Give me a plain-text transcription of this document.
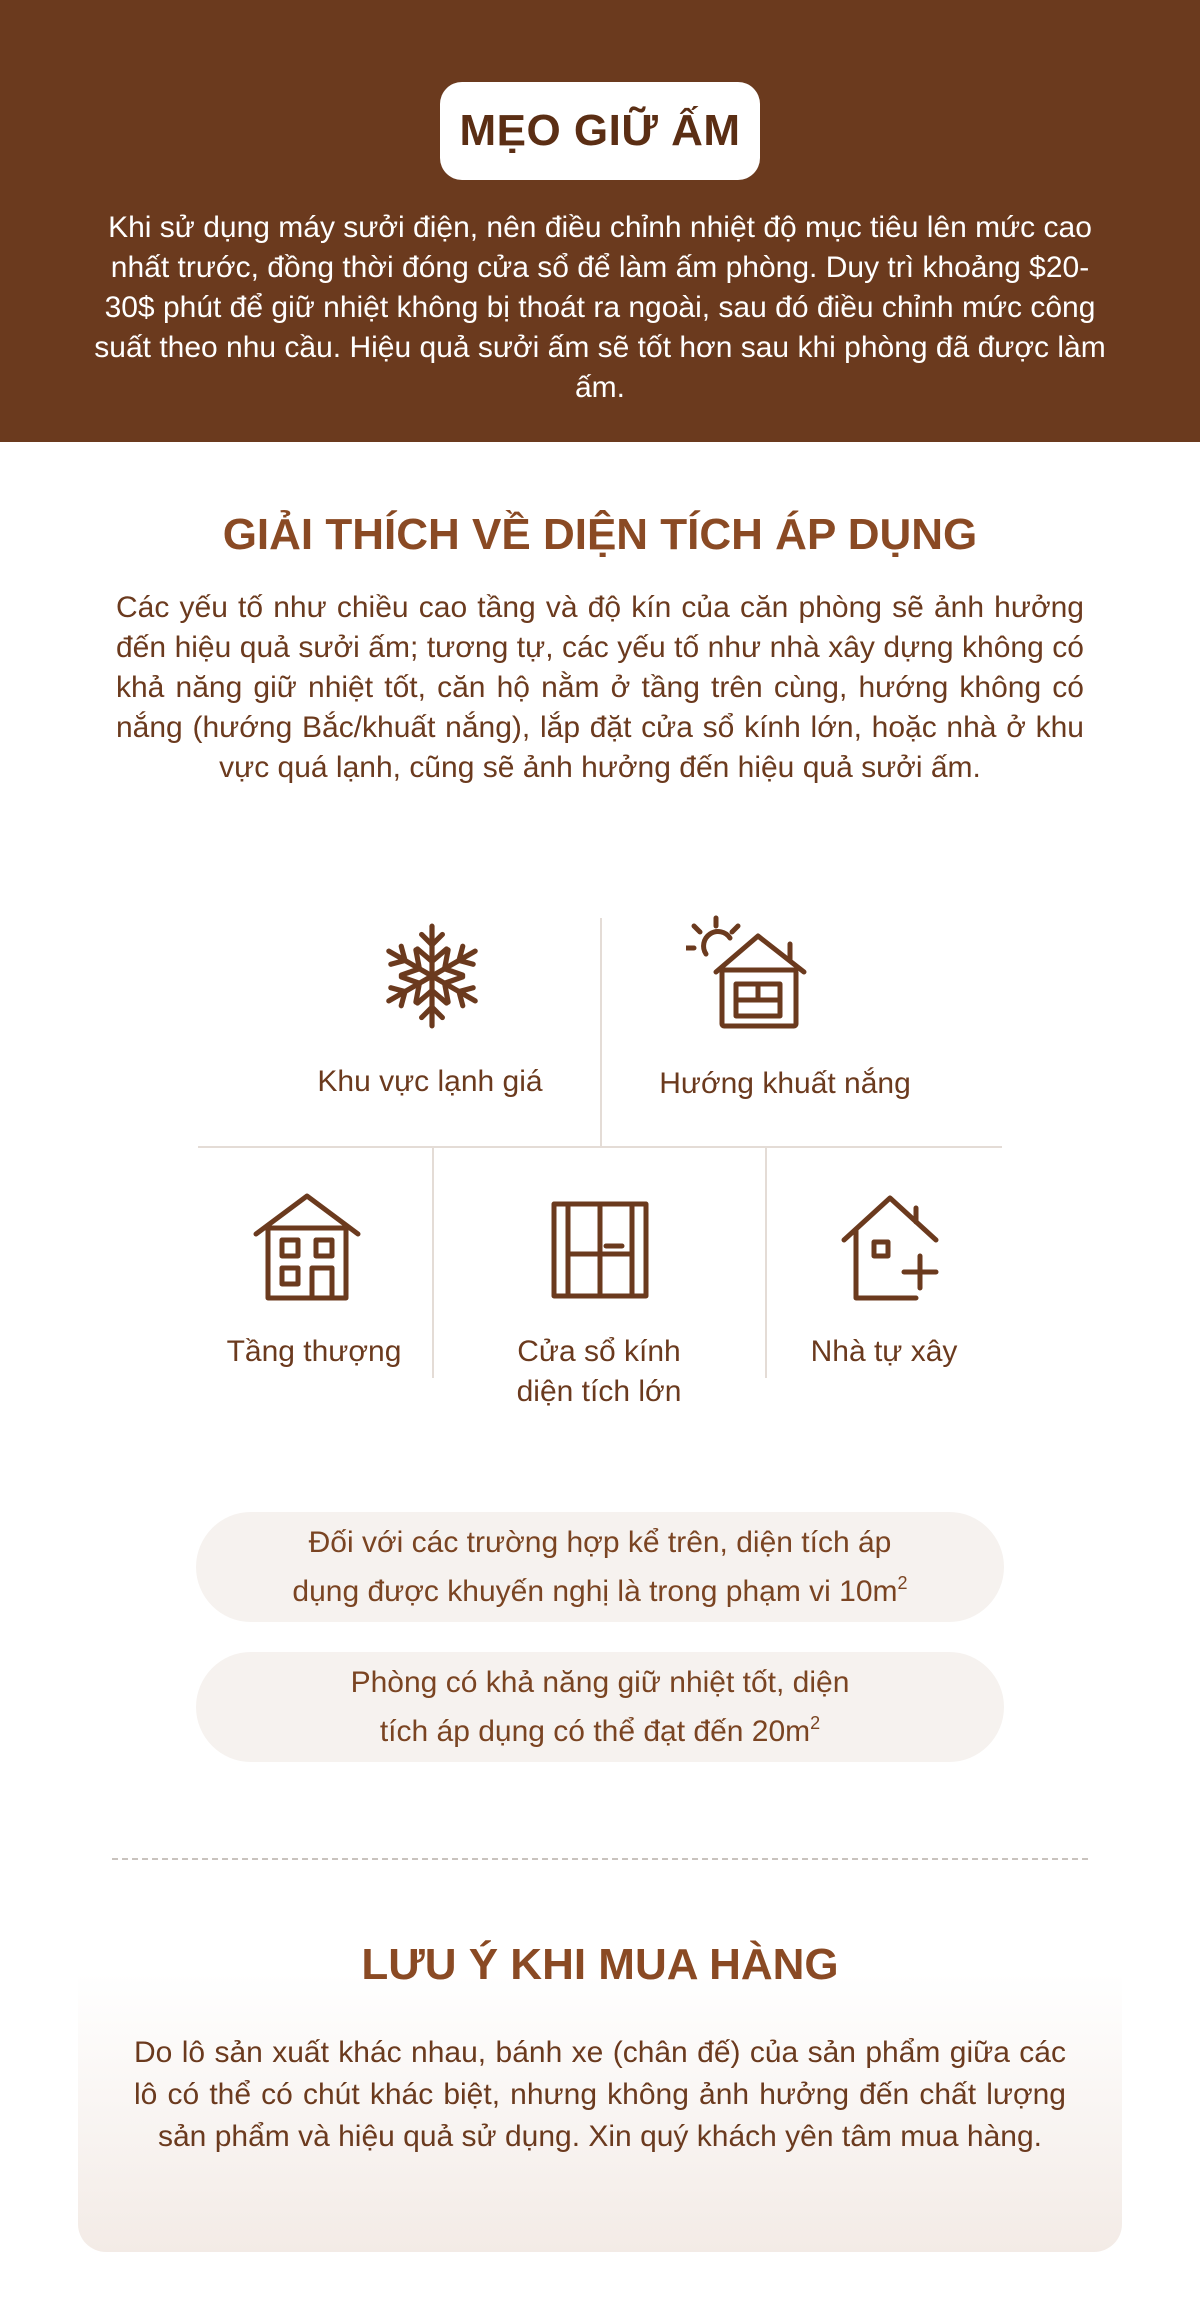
MẸO GIỮ ẤM

Khi sử dụng máy sưởi điện, nên điều chỉnh nhiệt độ mục tiêu lên mức cao nhất trước, đồng thời đóng cửa sổ để làm ấm phòng. Duy trì khoảng $20-30$ phút để giữ nhiệt không bị thoát ra ngoài, sau đó điều chỉnh mức công suất theo nhu cầu. Hiệu quả sưởi ấm sẽ tốt hơn sau khi phòng đã được làm ấm.

GIẢI THÍCH VỀ DIỆN TÍCH ÁP DỤNG

Các yếu tố như chiều cao tầng và độ kín của căn phòng sẽ ảnh hưởng đến hiệu quả sưởi ấm; tương tự, các yếu tố như nhà xây dựng không có khả năng giữ nhiệt tốt, căn hộ nằm ở tầng trên cùng, hướng không có nắng (hướng Bắc/khuất nắng), lắp đặt cửa sổ kính lớn, hoặc nhà ở khu vực quá lạnh, cũng sẽ ảnh hưởng đến hiệu quả sưởi ấm.

Khu vực lạnh giá	Hướng khuất nắng
Tầng thượng	Cửa sổ kính
diện tích lớn
Nhà tự xây
Đối với các trường hợp kể trên, diện tích áp
dụng được khuyến nghị là trong phạm vi $10m^2$
Phòng có khả năng giữ nhiệt tốt, diện
tích áp dụng có thể đạt đến $20m^2$
LƯU Ý KHI MUA HÀNG

Do lô sản xuất khác nhau, bánh xe (chân đế) của sản phẩm giữa các lô có thể có chút khác biệt, nhưng không ảnh hưởng đến chất lượng sản phẩm và hiệu quả sử dụng. Xin quý khách yên tâm mua hàng.
